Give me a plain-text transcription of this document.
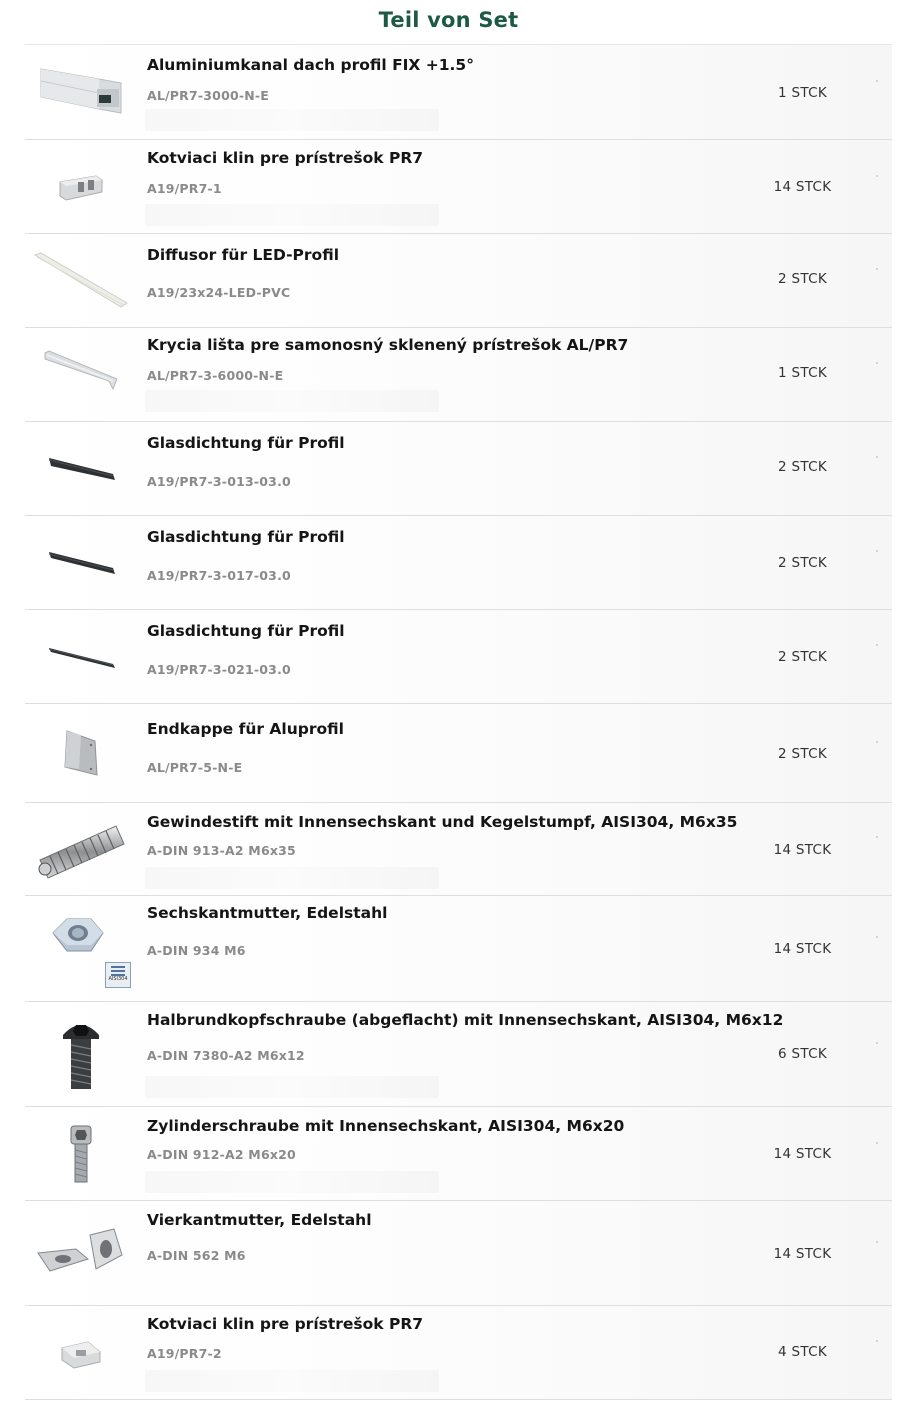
Teil von Set
Aluminiumkanal dach profil FIX +1.5°
AL/PR7-3000-N-E	1 STCK
Kotviaci klin pre prístrešok PR7
A19/PR7-1	14 STCK
Diffusor für LED-Profil
A19/23x24-LED-PVC
2 STCK
Krycia lišta pre samonosný sklenený prístrešok AL/PR7
AL/PR7-3-6000-N-E	1 STCK
Glasdichtung für Profil
A19/PR7-3-013-03.0
2 STCK
Glasdichtung für Profil
A19/PR7-3-017-03.0
2 STCK
Glasdichtung für Profil
A19/PR7-3-021-03.0
2 STCK
Endkappe für Aluprofil
AL/PR7-5-N-E
2 STCK
Gewindestift mit Innensechskant und Kegelstumpf, AISI304, M6x35
A-DIN 913-A2 M6x35	14 STCK
AISI304
Sechskantmutter, Edelstahl
A-DIN 934 M6	14 STCK
Halbrundkopfschraube (abgeflacht) mit Innensechskant, AISI304, M6x12
A-DIN 7380-A2 M6x12	6 STCK
Zylinderschraube mit Innensechskant, AISI304, M6x20
A-DIN 912-A2 M6x20	14 STCK
Vierkantmutter, Edelstahl
A-DIN 562 M6	14 STCK
Kotviaci klin pre prístrešok PR7
A19/PR7-2	4 STCK
